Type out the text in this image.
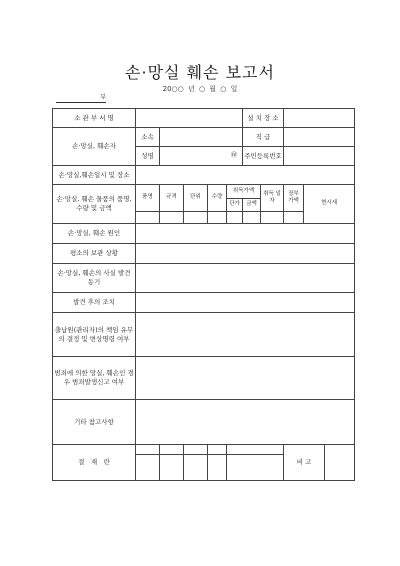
손·망실 훼손 보고서
20○○ 년 ○ 월 ○ 일
부
소 관 부 서 명						설 치 장 소				
손·망실, 훼손자	소속					직 급				
	성명	㊞				주민등록번호				
손·망실,훼손일시 및 장소										
손·망실, 훼손 물품의 품명, 수량 및 금액	품명	규격	단위	수량	취득가액		취득 일자	장부 가액	현시세	
					단가	금액				

손·망실, 훼손 원인										
평소의 보관 상황										
손·망실, 훼손의 사실 발견 동기										
발견 후의 조치										
출납원(관리자)의 책임 유무의 결정 및 변상명령 여부										
범죄에 의한 망실, 훼손인 경우 범죄발생신고 여부										
기타 참고사항										
결　재　란								비 고		
